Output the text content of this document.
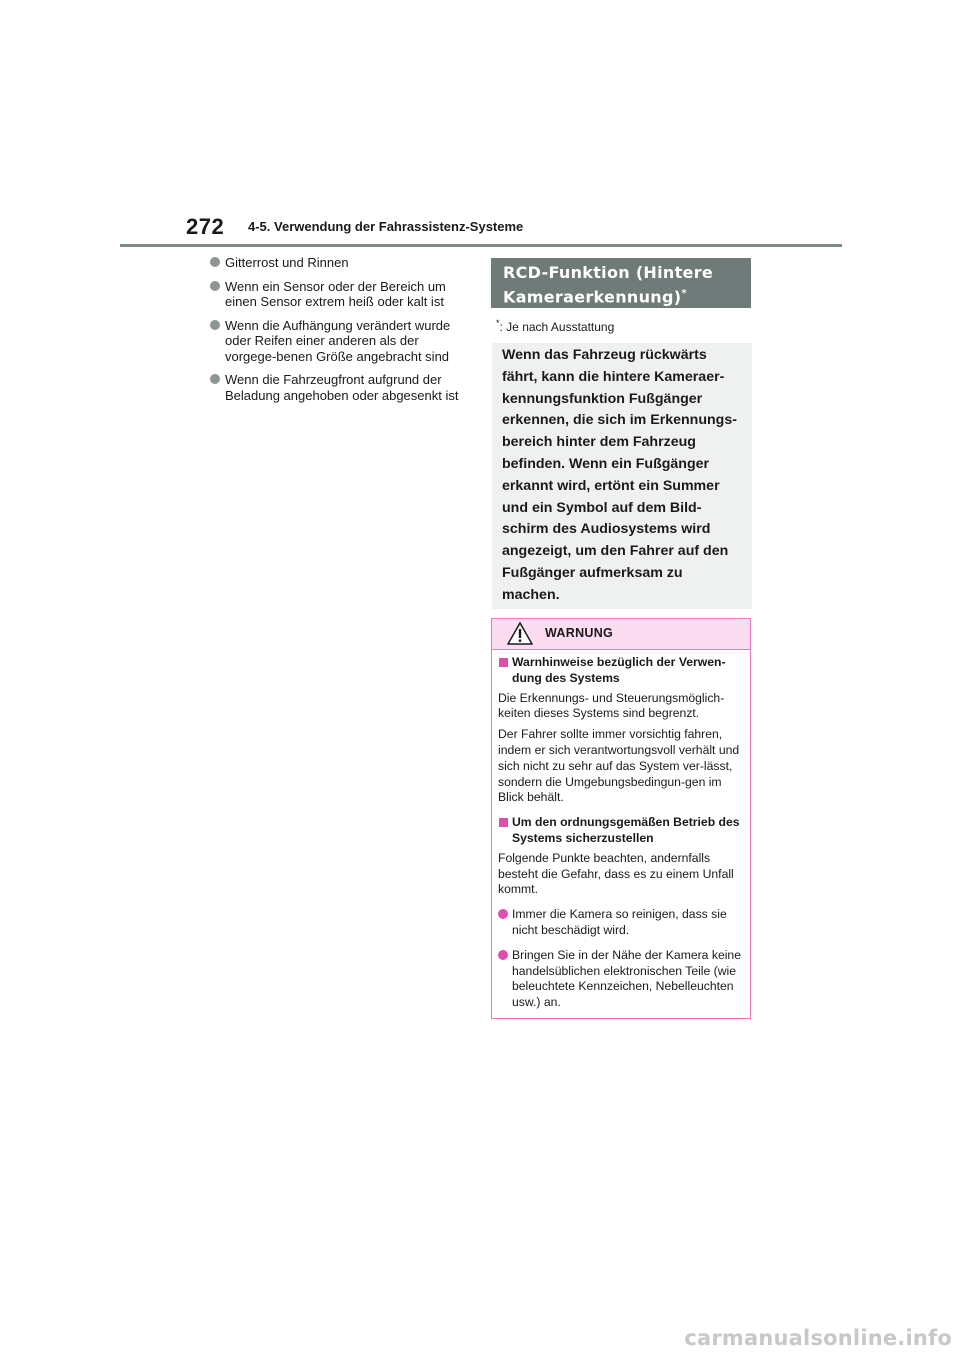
272 4-5. Verwendung der Fahrassistenz-Systeme
Gitterrost und Rinnen
Wenn ein Sensor oder der Bereich um einen Sensor extrem heiß oder kalt ist
Wenn die Aufhängung verändert wurde oder Reifen einer anderen als der vorgege-benen Größe angebracht sind
Wenn die Fahrzeugfront aufgrund der Beladung angehoben oder abgesenkt ist
RCD-Funktion (Hintere
Kameraerkennung)*
*: Je nach Ausstattung
Wenn das Fahrzeug rückwärts fährt, kann die hintere Kameraer-kennungsfunktion Fußgänger erkennen, die sich im Erkennungs-bereich hinter dem Fahrzeug befinden. Wenn ein Fußgänger erkannt wird, ertönt ein Summer und ein Symbol auf dem Bild-schirm des Audiosystems wird angezeigt, um den Fahrer auf den Fußgänger aufmerksam zu machen.
WARNUNG
Warnhinweise bezüglich der Verwen-dung des Systems

Die Erkennungs- und Steuerungsmöglich-keiten dieses Systems sind begrenzt.

Der Fahrer sollte immer vorsichtig fahren, indem er sich verantwortungsvoll verhält und sich nicht zu sehr auf das System ver-lässt, sondern die Umgebungsbedingun-gen im Blick behält.

Um den ordnungsgemäßen Betrieb des Systems sicherzustellen

Folgende Punkte beachten, andernfalls besteht die Gefahr, dass es zu einem Unfall kommt.

Immer die Kamera so reinigen, dass sie nicht beschädigt wird.
Bringen Sie in der Nähe der Kamera keine handelsüblichen elektronischen Teile (wie beleuchtete Kennzeichen, Nebelleuchten usw.) an.
carmanualsonline.info
